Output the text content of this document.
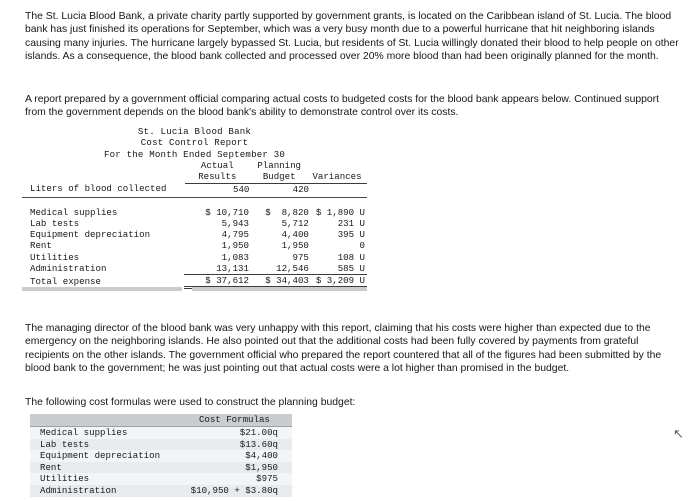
The St. Lucia Blood Bank, a private charity partly supported by government grants, is located on the Caribbean island of St. Lucia. The blood bank has just finished its operations for September, which was a very busy month due to a powerful hurricane that hit neighboring islands causing many injuries. The hurricane largely bypassed St. Lucia, but residents of St. Lucia willingly donated their blood to help people on other islands. As a consequence, the blood bank collected and processed over 20% more blood than had been originally planned for the month.

A report prepared by a government official comparing actual costs to budgeted costs for the blood bank appears below. Continued support from the government depends on the blood bank's ability to demonstrate control over its costs.

St. Lucia Blood Bank
Cost Control Report
For the Month Ended September 30
	Actual	Planning	
	Results	Budget	Variances
Liters of blood collected	540	420	

Medical supplies	$ 10,710	$  8,820	$ 1,890 U
Lab tests	5,943	5,712	231 U
Equipment depreciation	4,795	4,400	395 U
Rent	1,950	1,950	0
Utilities	1,083	975	108 U
Administration	13,131	12,546	585 U
Total expense	$ 37,612	$ 34,403	$ 3,209 U

The managing director of the blood bank was very unhappy with this report, claiming that his costs were higher than expected due to the emergency on the neighboring islands. He also pointed out that the additional costs had been fully covered by payments from grateful recipients on the other islands. The government official who prepared the report countered that all of the figures had been submitted by the blood bank to the government; he was just pointing out that actual costs were a lot higher than promised in the budget.

The following cost formulas were used to construct the planning budget:

	Cost Formulas
Medical supplies	$21.00q
Lab tests	$13.60q
Equipment depreciation	$4,400
Rent	$1,950
Utilities	$975
Administration	$10,950 + $3.80q
↖
